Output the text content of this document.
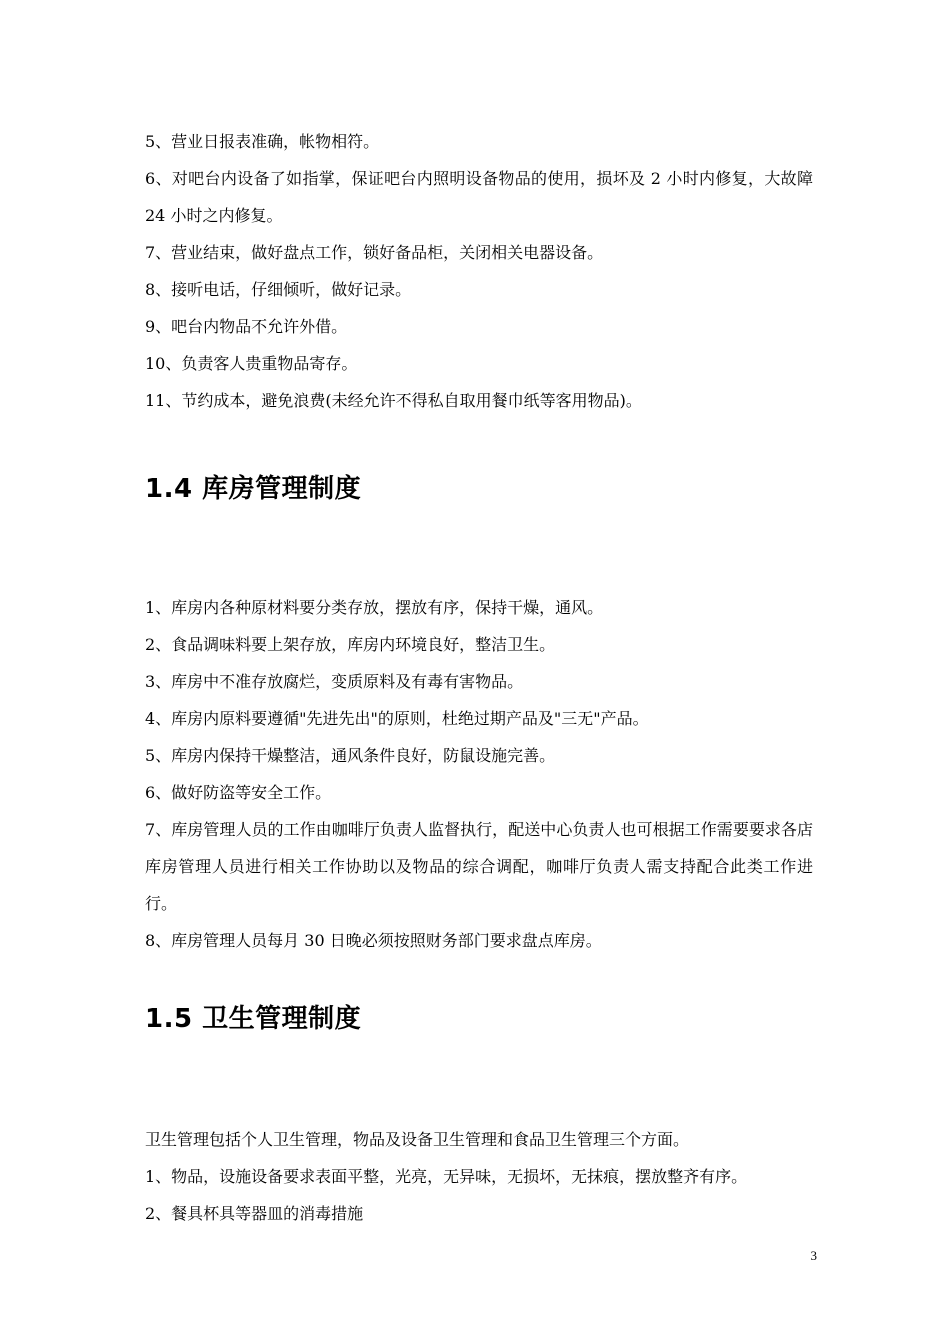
5、营业日报表准确，帐物相符。

6、对吧台内设备了如指掌，保证吧台内照明设备物品的使用，损坏及 2 小时内修复，大故障 24 小时之内修复。

7、营业结束，做好盘点工作，锁好备品柜，关闭相关电器设备。

8、接听电话，仔细倾听，做好记录。

9、吧台内物品不允许外借。

10、负责客人贵重物品寄存。

11、节约成本，避免浪费(未经允许不得私自取用餐巾纸等客用物品)。

1.4 库房管理制度

1、库房内各种原材料要分类存放，摆放有序，保持干燥，通风。

2、食品调味料要上架存放，库房内环境良好，整洁卫生。

3、库房中不准存放腐烂，变质原料及有毒有害物品。

4、库房内原料要遵循"先进先出"的原则，杜绝过期产品及"三无"产品。

5、库房内保持干燥整洁，通风条件良好，防鼠设施完善。

6、做好防盗等安全工作。

7、库房管理人员的工作由咖啡厅负责人监督执行，配送中心负责人也可根据工作需要要求各店库房管理人员进行相关工作协助以及物品的综合调配，咖啡厅负责人需支持配合此类工作进行。

8、库房管理人员每月 30 日晚必须按照财务部门要求盘点库房。

1.5 卫生管理制度

卫生管理包括个人卫生管理，物品及设备卫生管理和食品卫生管理三个方面。

1、物品，设施设备要求表面平整，光亮，无异味，无损坏，无抹痕，摆放整齐有序。

2、餐具杯具等器皿的消毒措施

3
